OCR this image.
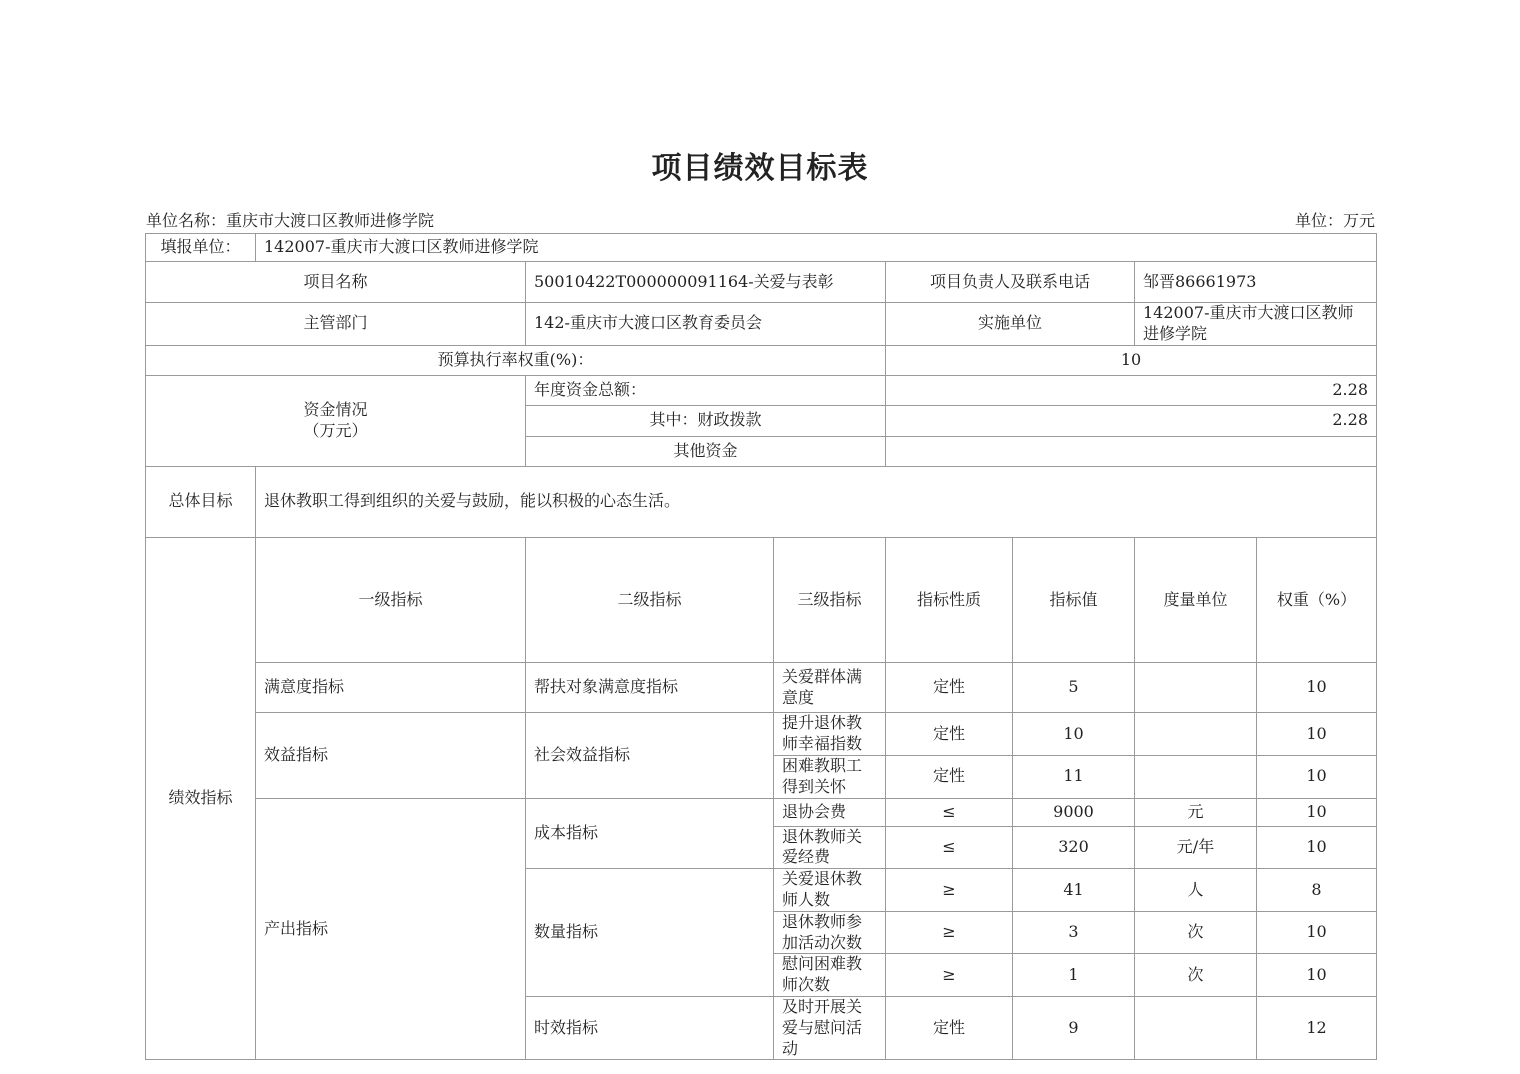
项目绩效目标表
单位名称：重庆市大渡口区教师进修学院	单位：万元
填报单位：	142007-重庆市大渡口区教师进修学院							
项目名称		50010422T000000091164-关爱与表彰		项目负责人及联系电话		邹晋86661973		
主管部门		142-重庆市大渡口区教育委员会		实施单位		142007-重庆市大渡口区教师进修学院		
预算执行率权重(%)：				10				
资金情况
（万元）		年度资金总额：		2.28				
		其中：财政拨款		2.28				
		其他资金						
总体目标	退休教职工得到组织的关爱与鼓励，能以积极的心态生活。							
绩效指标	一级指标	二级指标	三级指标	指标性质	指标值	度量单位	权重（%）	
	满意度指标	帮扶对象满意度指标	关爱群体满意度	定性	5		10	
	效益指标	社会效益指标	提升退休教师幸福指数	定性	10		10	
			困难教职工得到关怀	定性	11		10	
	产出指标	成本指标	退协会费	≤	9000	元	10	
			退休教师关爱经费	≤	320	元/年	10	
		数量指标	关爱退休教师人数	≥	41	人	8	
			退休教师参加活动次数	≥	3	次	10	
			慰问困难教师次数	≥	1	次	10	
		时效指标	及时开展关爱与慰问活动	定性	9		12	
